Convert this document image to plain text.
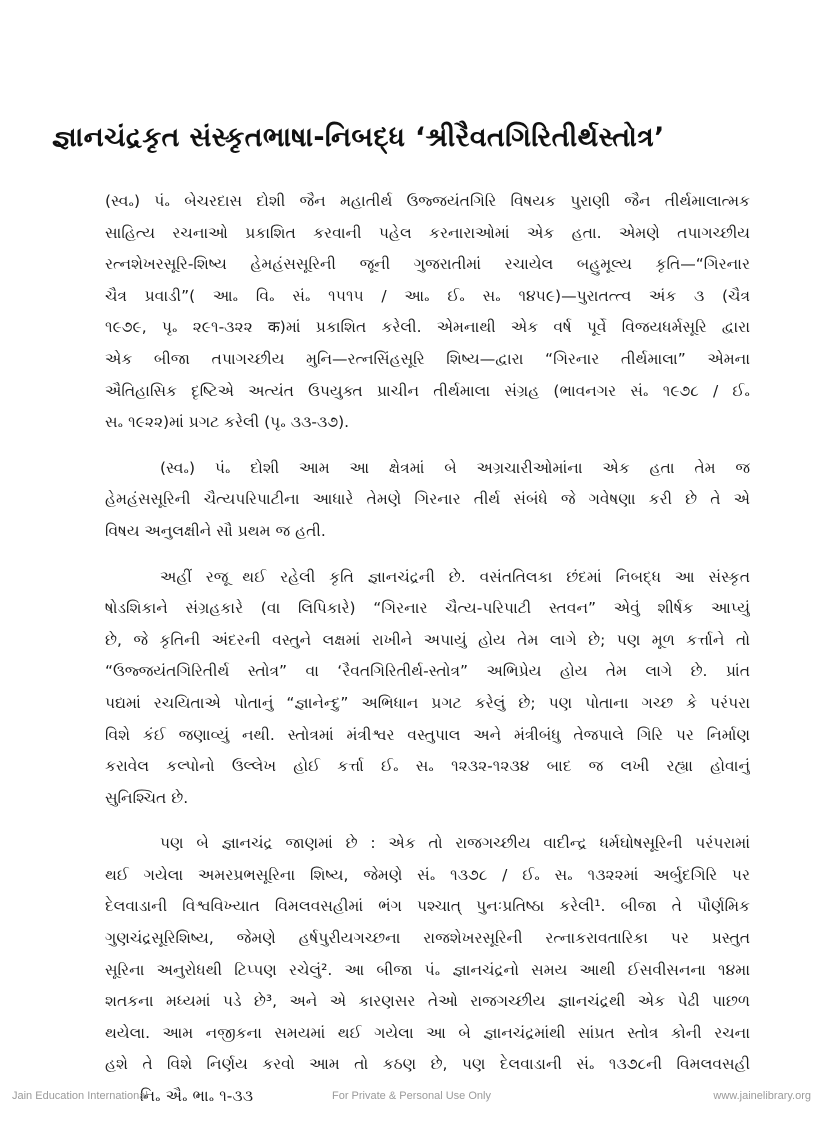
જ્ઞાનચંદ્રકૃત સંસ્કૃતભાષા-નિબદ્ધ ‘શ્રીરૈવતગિરિતીર્થસ્તોત્ર’
(સ્વ૰) પં૰ બેચરદાસ દોશી જૈન મહાતીર્થ ઉજ્જયંતગિરિ વિષયક પુરાણી જૈન તીર્થમાલાત્મક
સાહિત્ય રચનાઓ પ્રકાશિત કરવાની પહેલ કરનારાઓમાં એક હતા. એમણે તપાગચ્છીય
રત્નશેખરસૂરિ-શિષ્ય હેમહંસસૂરિની જૂની ગુજરાતીમાં રચાયેલ બહુમૂલ્ય કૃતિ—“ગિરનાર
ચૈત્ર પ્રવાડી”( આ૰ વિ૰ સં૰ ૧૫૧૫ / આ૰ ઈ૰ સ૰ ૧૪૫૯)—પુરાતત્ત્વ અંક ૩ (ચૈત્ર
૧૯૭૯, પૃ૰ ૨૯૧-૩૨૨ क)માં પ્રકાશિત કરેલી. એમનાથી એક વર્ષ પૂર્વે વિજયધર્મસૂરિ દ્વારા
એક બીજા તપાગચ્છીય મુનિ—રત્નસિંહસૂરિ શિષ્ય—દ્વારા “ગિરનાર તીર્થમાલા” એમના
ઐતિહાસિક દૃષ્ટિએ અત્યંત ઉપયુક્ત પ્રાચીન તીર્થમાલા સંગ્રહ (ભાવનગર સં૰ ૧૯૭૮ / ઈ૰
સ૰ ૧૯૨૨)માં પ્રગટ કરેલી (પૃ૰ ૩૩-૩૭).
(સ્વ૰) પં૰ દોશી આમ આ ક્ષેત્રમાં બે અગ્રચારીઓમાંના એક હતા તેમ જ
હેમહંસસૂરિની ચૈત્યપરિપાટીના આધારે તેમણે ગિરનાર તીર્થ સંબંધે જે ગવેષણા કરી છે તે એ
વિષય અનુલક્ષીને સૌ પ્રથમ જ હતી.
અહીં રજૂ થઈ રહેલી કૃતિ જ્ઞાનચંદ્રની છે. વસંતતિલકા છંદમાં નિબદ્ધ આ સંસ્કૃત
ષોડશિકાને સંગ્રહકારે (વા લિપિકારે) “ગિરનાર ચૈત્ય-પરિપાટી સ્તવન” એવું શીર્ષક આપ્યું
છે, જે કૃતિની અંદરની વસ્તુને લક્ષમાં રાખીને અપાયું હોય તેમ લાગે છે; પણ મૂળ કર્ત્તાને તો
“ઉજ્જયંતગિરિતીર્થ સ્તોત્ર” વા ‘રૈવતગિરિતીર્થ-સ્તોત્ર” અભિપ્રેય હોય તેમ લાગે છે. પ્રાંત
પદ્યમાં રચયિતાએ પોતાનું “જ્ઞાનેન્દુ” અભિધાન પ્રગટ કરેલું છે; પણ પોતાના ગચ્છ કે પરંપરા
વિશે કંઈ જણાવ્યું નથી. સ્તોત્રમાં મંત્રીશ્વર વસ્તુપાલ અને મંત્રીબંધુ તેજપાલે ગિરિ પર નિર્માણ
કરાવેલ કલ્પોનો ઉલ્લેખ હોઈ કર્ત્તા ઈ૰ સ૰ ૧૨૩૨-૧૨૩૪ બાદ જ લખી રહ્યા હોવાનું
સુનિશ્ચિત છે.
પણ બે જ્ઞાનચંદ્ર જાણમાં છે : એક તો રાજગચ્છીય વાદીન્દ્ર ધર્મઘોષસૂરિની પરંપરામાં
થઈ ગયેલા અમરપ્રભસૂરિના શિષ્ય, જેમણે સં૰ ૧૩૭૮ / ઈ૰ સ૰ ૧૩૨૨માં અર્બુદગિરિ પર
દેલવાડાની વિશ્વવિખ્યાત વિમલવસહીમાં ભંગ પશ્ચાત્ પુનઃપ્રતિષ્ઠા કરેલી¹. બીજા તે પૌર્ણમિક
ગુણચંદ્રસૂરિશિષ્ય, જેમણે હર્ષપુરીયગચ્છના રાજશેખરસૂરિની રત્નાકરાવતારિકા પર પ્રસ્તુત
સૂરિના અનુરોધથી ટિપ્પણ રચેલું². આ બીજા પં૰ જ્ઞાનચંદ્રનો સમય આથી ઈસવીસનના ૧૪મા
શતકના મધ્યમાં પડે છે³, અને એ કારણસર તેઓ રાજગચ્છીય જ્ઞાનચંદ્રથી એક પેઢી પાછળ
થયેલા. આમ નજીકના સમયમાં થઈ ગયેલા આ બે જ્ઞાનચંદ્રમાંથી સાંપ્રત સ્તોત્ર કોની રચના
હશે તે વિશે નિર્ણય કરવો આમ તો કઠણ છે, પણ દેલવાડાની સં૰ ૧૩૭૮ની વિમલવસહી
નિ૰ ઐ૰ ભા૰ ૧-૩૩
Jain Education International	For Private & Personal Use Only	www.jainelibrary.org
